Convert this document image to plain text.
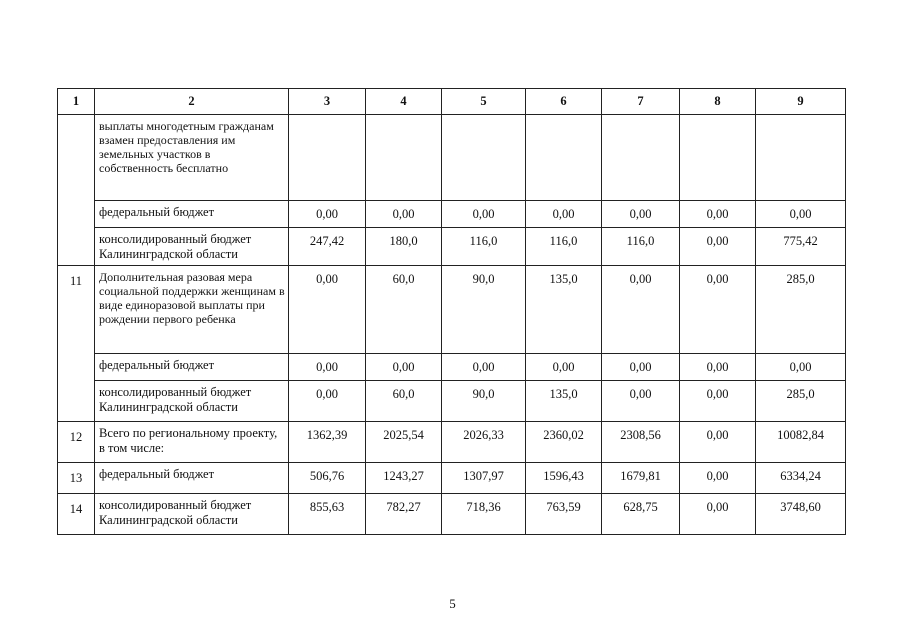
1	2	3	4	5	6	7	8	9
	выплаты многодетным гражданам взамен предоставления им земельных участков в собственность бесплатно							
	федеральный бюджет	0,00	0,00	0,00	0,00	0,00	0,00	0,00
	консолидированный бюджет Калининградской области	247,42	180,0	116,0	116,0	116,0	0,00	775,42
11	Дополнительная разовая мера социальной поддержки женщинам в виде единоразовой выплаты при рождении первого ребенка	0,00	60,0	90,0	135,0	0,00	0,00	285,0
	федеральный бюджет	0,00	0,00	0,00	0,00	0,00	0,00	0,00
	консолидированный бюджет Калининградской области	0,00	60,0	90,0	135,0	0,00	0,00	285,0
12	Всего по региональному проекту, в том числе:	1362,39	2025,54	2026,33	2360,02	2308,56	0,00	10082,84
13	федеральный бюджет	506,76	1243,27	1307,97	1596,43	1679,81	0,00	6334,24
14	консолидированный бюджет Калининградской области	855,63	782,27	718,36	763,59	628,75	0,00	3748,60
5
